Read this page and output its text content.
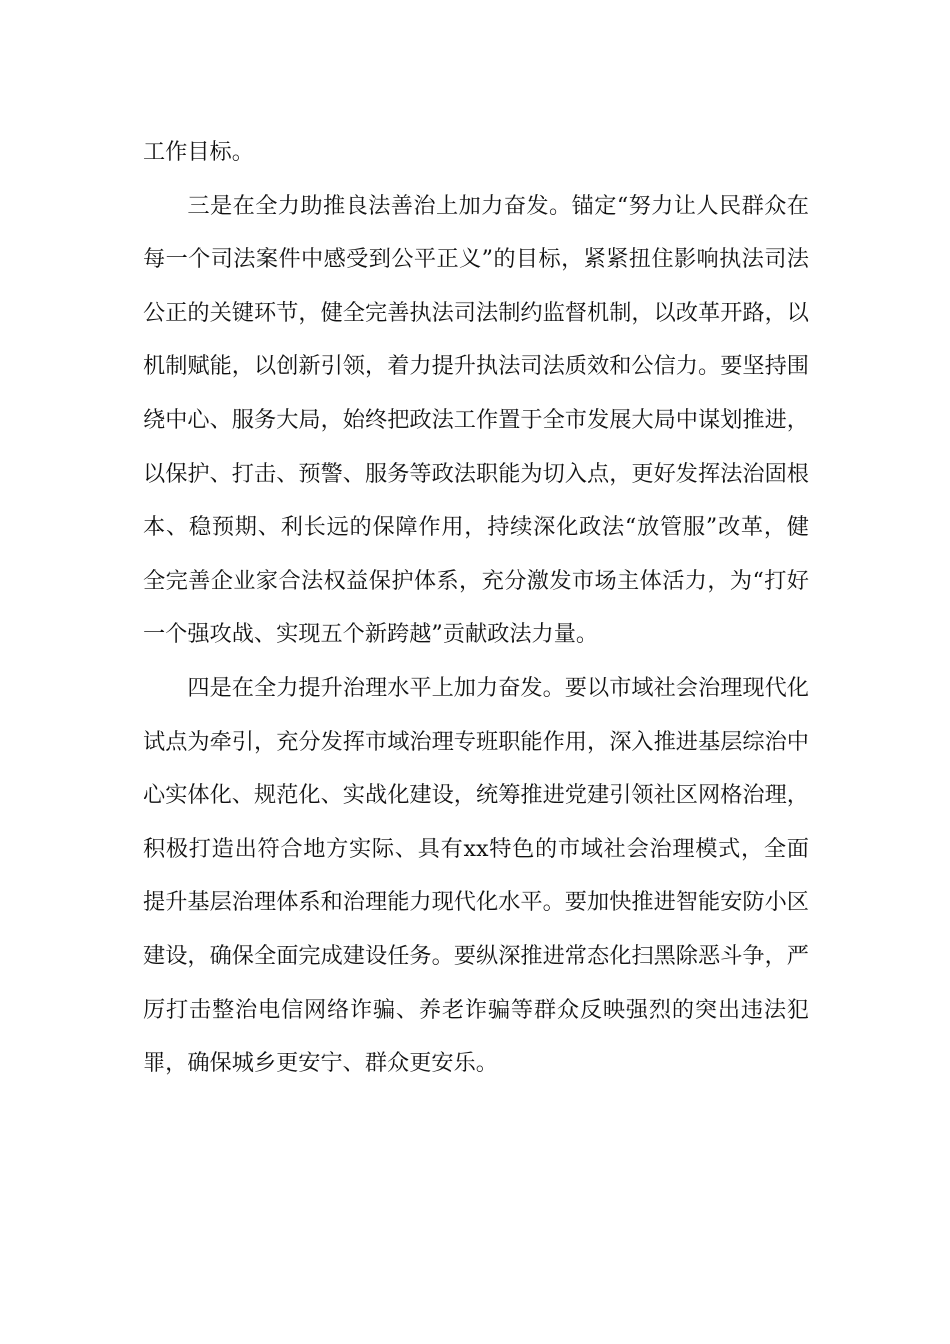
工作目标。

三是在全力助推良法善治上加力奋发。锚定“努力让人民群众在每一个司法案件中感受到公平正义”的目标，紧紧扭住影响执法司法公正的关键环节，健全完善执法司法制约监督机制，以改革开路，以机制赋能，以创新引领，着力提升执法司法质效和公信力。要坚持围绕中心、服务大局，始终把政法工作置于全市发展大局中谋划推进，以保护、打击、预警、服务等政法职能为切入点，更好发挥法治固根本、稳预期、利长远的保障作用，持续深化政法“放管服”改革，健全完善企业家合法权益保护体系，充分激发市场主体活力，为“打好一个强攻战、实现五个新跨越”贡献政法力量。

四是在全力提升治理水平上加力奋发。要以市域社会治理现代化试点为牵引，充分发挥市域治理专班职能作用，深入推进基层综治中心实体化、规范化、实战化建设，统筹推进党建引领社区网格治理，积极打造出符合地方实际、具有xx特色的市域社会治理模式，全面提升基层治理体系和治理能力现代化水平。要加快推进智能安防小区建设，确保全面完成建设任务。要纵深推进常态化扫黑除恶斗争，严厉打击整治电信网络诈骗、养老诈骗等群众反映强烈的突出违法犯罪，确保城乡更安宁、群众更安乐。
